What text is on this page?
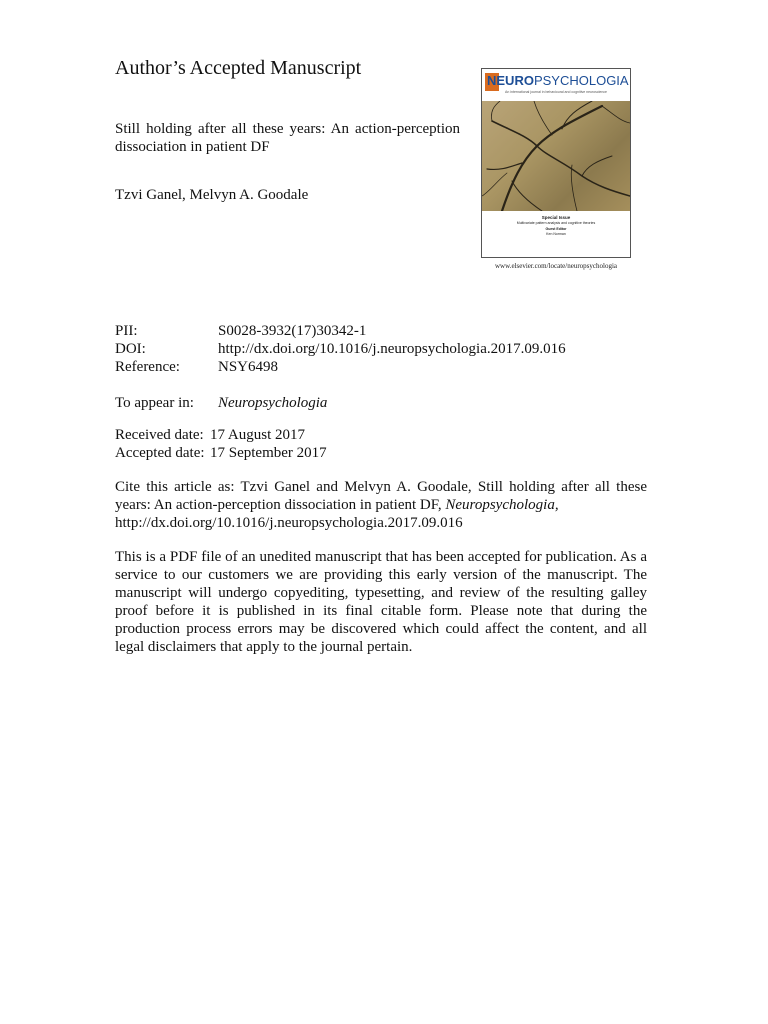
Author’s Accepted Manuscript
Still holding after all these years: An action-perception dissociation in patient DF
Tzvi Ganel, Melvyn A. Goodale
NEUROPSYCHOLOGIA
An international journal in behavioural and cognitive neuroscience
Special Issue
Multivariate pattern analysis and cognitive theories
Guest Editor
Ken Norman
www.elsevier.com/locate/neuropsychologia
PII:	S0028-3932(17)30342-1
DOI:	http://dx.doi.org/10.1016/j.neuropsychologia.2017.09.016
Reference:	NSY6498
To appear in: Neuropsychologia
Received date: 17 August 2017
Accepted date: 17 September 2017
Cite this article as: Tzvi Ganel and Melvyn A. Goodale, Still holding after all these years: An action-perception dissociation in patient DF, Neuropsychologia,
http://dx.doi.org/10.1016/j.neuropsychologia.2017.09.016
This is a PDF file of an unedited manuscript that has been accepted for publication. As a service to our customers we are providing this early version of the manuscript. The manuscript will undergo copyediting, typesetting, and review of the resulting galley proof before it is published in its final citable form. Please note that during the production process errors may be discovered which could affect the content, and all legal disclaimers that apply to the journal pertain.
